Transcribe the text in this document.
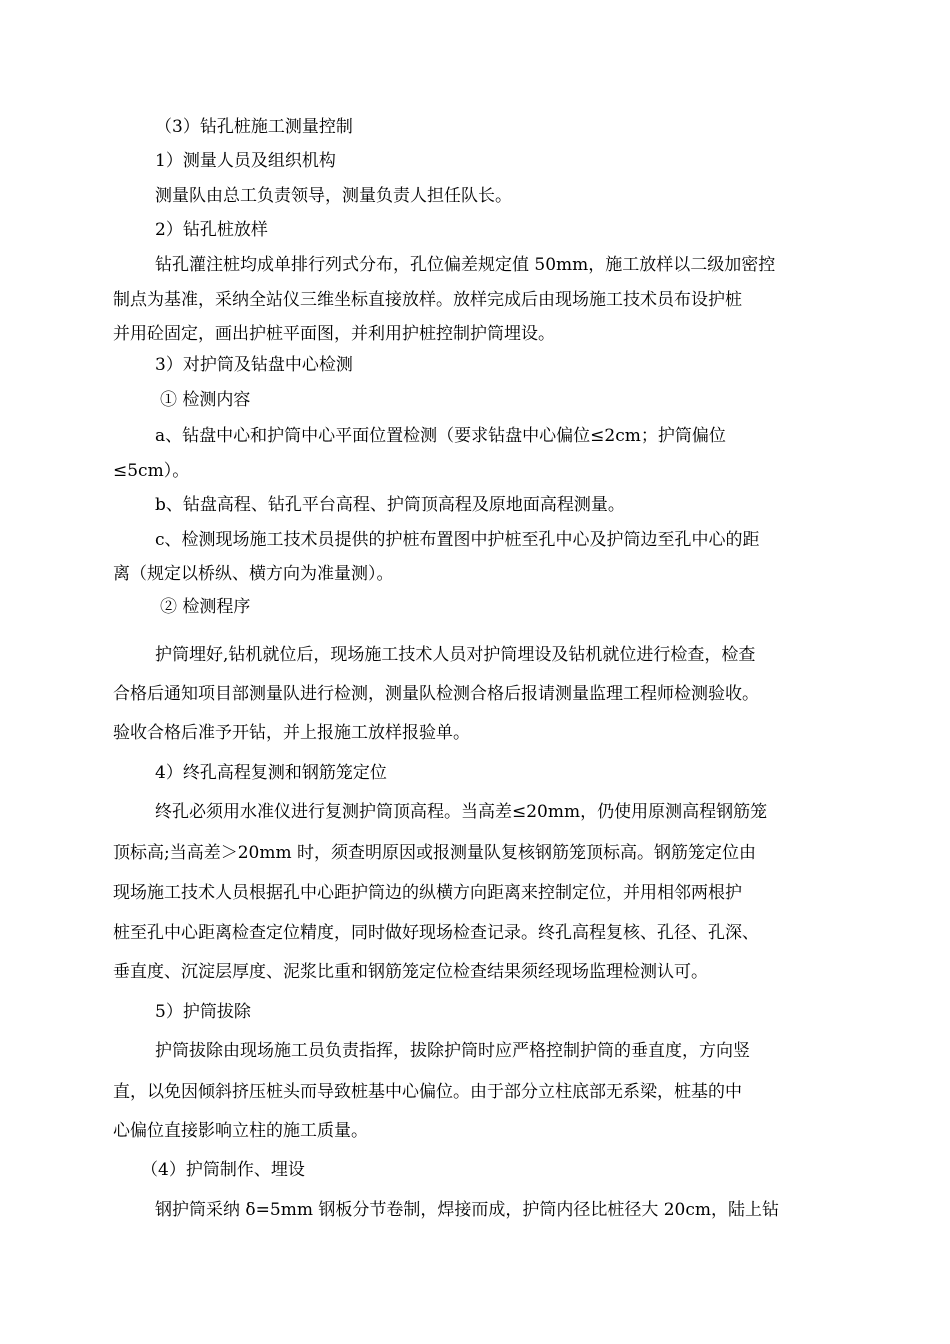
（3）钻孔桩施工测量控制
1）测量人员及组织机构
测量队由总工负责领导，测量负责人担任队长。
2）钻孔桩放样
钻孔灌注桩均成单排行列式分布，孔位偏差规定值 50mm，施工放样以二级加密控
制点为基准，采纳全站仪三维坐标直接放样。放样完成后由现场施工技术员布设护桩
并用砼固定，画出护桩平面图，并利用护桩控制护筒埋设。
3）对护筒及钻盘中心检测
① 检测内容
a、钻盘中心和护筒中心平面位置检测（要求钻盘中心偏位≤2cm；护筒偏位
≤5cm）。
b、钻盘高程、钻孔平台高程、护筒顶高程及原地面高程测量。
c、检测现场施工技术员提供的护桩布置图中护桩至孔中心及护筒边至孔中心的距
离（规定以桥纵、横方向为准量测）。
② 检测程序
护筒埋好,钻机就位后，现场施工技术人员对护筒埋设及钻机就位进行检查，检查
合格后通知项目部测量队进行检测，测量队检测合格后报请测量监理工程师检测验收。
验收合格后准予开钻，并上报施工放样报验单。
4）终孔高程复测和钢筋笼定位
终孔必须用水准仪进行复测护筒顶高程。当高差≤20mm，仍使用原测高程钢筋笼
顶标高;当高差＞20mm 时，须查明原因或报测量队复核钢筋笼顶标高。钢筋笼定位由
现场施工技术人员根据孔中心距护筒边的纵横方向距离来控制定位，并用相邻两根护
桩至孔中心距离检查定位精度，同时做好现场检查记录。终孔高程复核、孔径、孔深、
垂直度、沉淀层厚度、泥浆比重和钢筋笼定位检查结果须经现场监理检测认可。
5）护筒拔除
护筒拔除由现场施工员负责指挥，拔除护筒时应严格控制护筒的垂直度，方向竖
直，以免因倾斜挤压桩头而导致桩基中心偏位。由于部分立柱底部无系梁，桩基的中
心偏位直接影响立柱的施工质量。
（4）护筒制作、埋设
钢护筒采纳 δ=5mm 钢板分节卷制，焊接而成，护筒内径比桩径大 20cm，陆上钻
